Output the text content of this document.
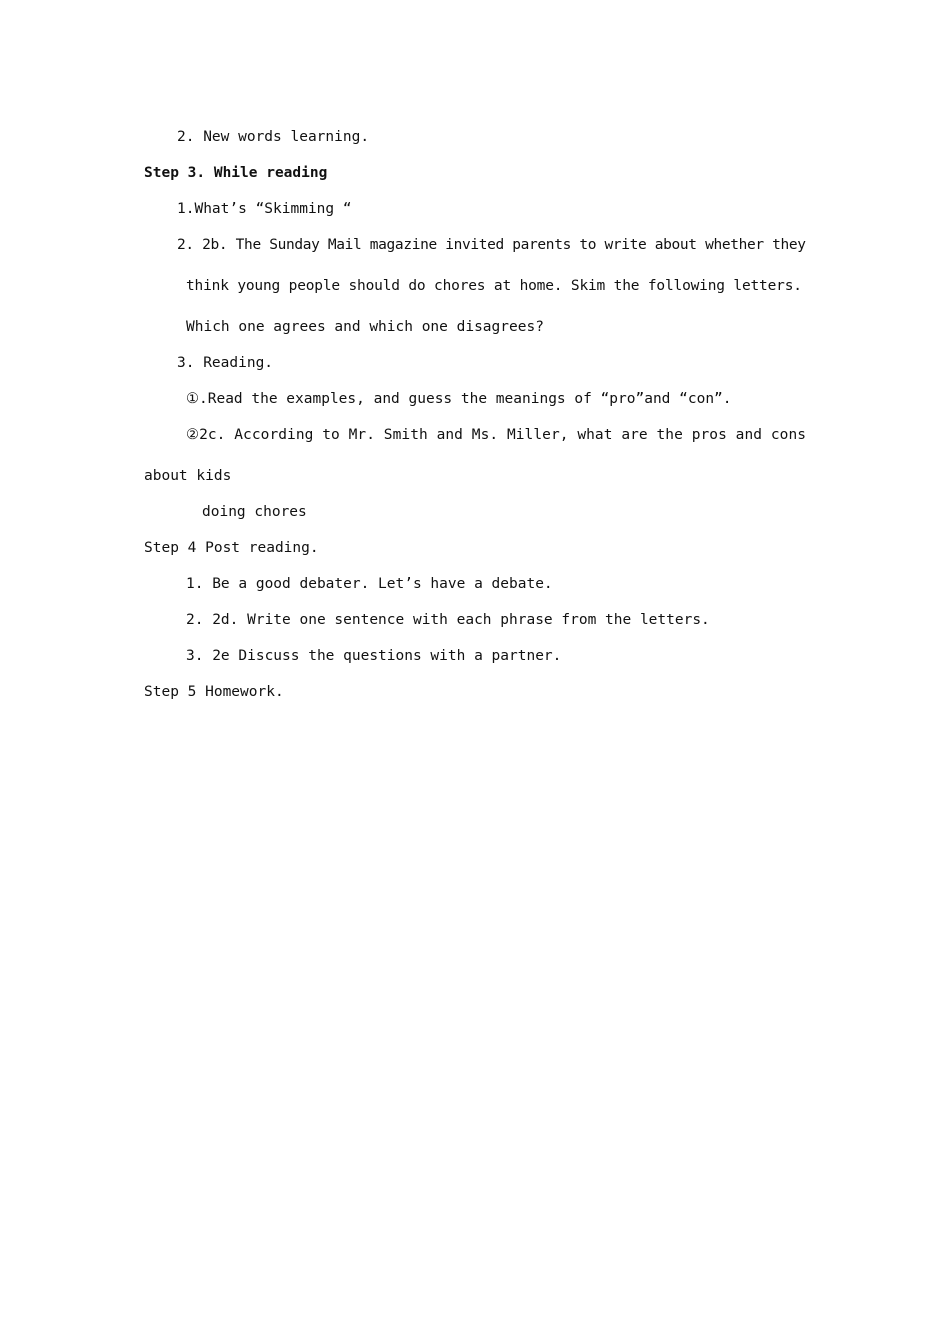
2. New words learning.
Step 3. While reading
1.What’s “Skimming “
2. 2b. The Sunday Mail magazine invited parents to write about whether they
think young people should do chores at home. Skim the following letters.
Which one agrees and which one disagrees?
3. Reading.
①.Read the examples, and guess the meanings of “pro”and “con”.
②2c. According to Mr. Smith and Ms. Miller, what are the pros and cons
about kids
doing chores
Step 4 Post reading.
1. Be a good debater. Let’s have a debate.
2. 2d. Write one sentence with each phrase from the letters.
3. 2e Discuss the questions with a partner.
Step 5 Homework.
